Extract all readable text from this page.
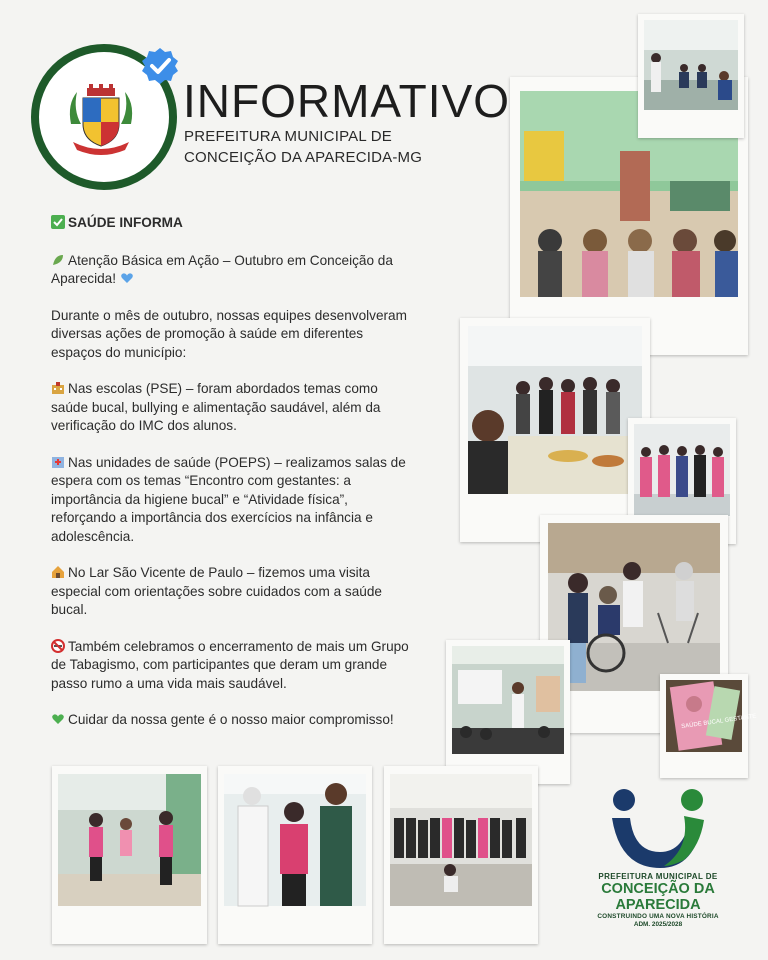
INFORMATIVO
PREFEITURA MUNICIPAL DE
CONCEIÇÃO DA APARECIDA-MG

SAÚDE INFORMA

Atenção Básica em Ação – Outubro em Conceição da Aparecida!

Durante o mês de outubro, nossas equipes desenvolveram diversas ações de promoção à saúde em diferentes espaços do município:

Nas escolas (PSE) – foram abordados temas como saúde bucal, bullying e alimentação saudável, além da verificação do IMC dos alunos.

Nas unidades de saúde (POEPS) – realizamos salas de espera com os temas “Encontro com gestantes: a importância da higiene bucal” e “Atividade física”, reforçando a importância dos exercícios na infância e adolescência.

No Lar São Vicente de Paulo – fizemos uma visita especial com orientações sobre cuidados com a saúde bucal.

Também celebramos o encerramento de mais um Grupo de Tabagismo, com participantes que deram um grande passo rumo a uma vida mais saudável.

Cuidar da nossa gente é o nosso maior compromisso!	SAÚDE BUCAL GESTANTE
PREFEITURA MUNICIPAL DE
CONCEIÇÃO DA
APARECIDA
CONSTRUINDO UMA NOVA HISTÓRIA
ADM. 2025/2028
